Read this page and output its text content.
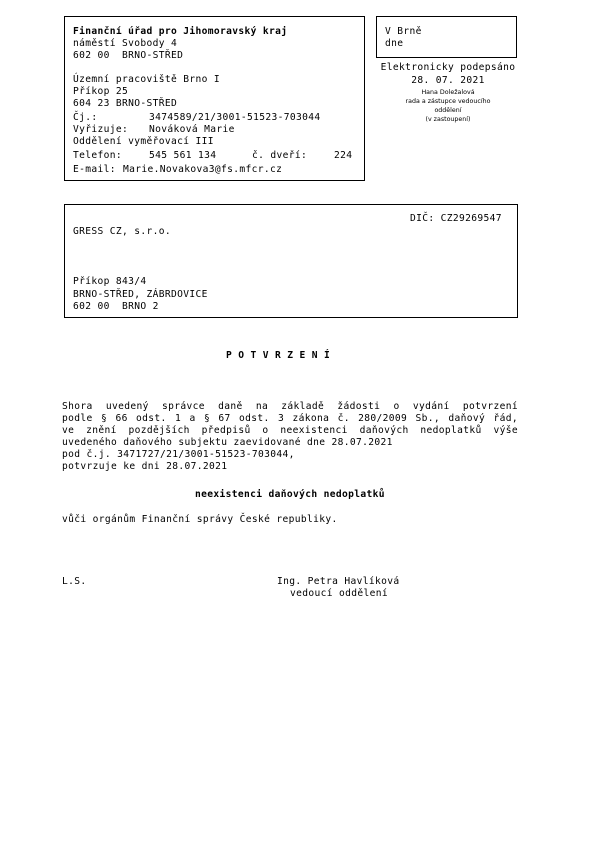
Finanční úřad pro Jihomoravský kraj
náměstí Svobody 4
602 00  BRNO-STŘED
Územní pracoviště Brno I
Příkop 25
604 23 BRNO-STŘED
Čj.:	3474589/21/3001-51523-703044
Vyřizuje: Nováková Marie
Oddělení vyměřovací III
Telefon:	545 561 134	č. dveří:	224
E-mail: Marie.Novakova3@fs.mfcr.cz
V Brně
dne
Elektronicky podepsáno
28. 07. 2021
Hana Doležalová
rada a zástupce vedoucího
oddělení
(v zastoupení)
DIČ: CZ29269547
GRESS CZ, s.r.o.
Příkop 843/4
BRNO-STŘED, ZÁBRDOVICE
602 00  BRNO 2
P O T V R Z E N Í
Shora uvedený správce daně na základě žádosti o vydání potvrzení
podle § 66 odst. 1 a § 67 odst. 3 zákona č. 280/2009 Sb., daňový řád,
ve znění pozdějších předpisů o neexistenci daňových nedoplatků výše
uvedeného daňového subjektu zaevidované dne 28.07.2021
pod č.j. 3471727/21/3001-51523-703044,
potvrzuje ke dni 28.07.2021
neexistenci daňových nedoplatků
vůči orgánům Finanční správy České republiky.
L.S.	Ing. Petra Havlíková
vedoucí oddělení
